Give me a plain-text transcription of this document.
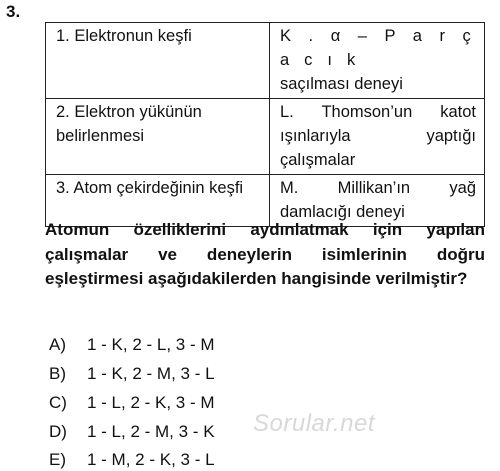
3.
1. Elektronun keşfi	K . α – P a r ç a c ı k
saçılması deneyi
2. Elektron yükünün belirlenmesi	L. Thomson’un katot ışınlarıyla yaptığı çalışmalar
3. Atom çekirdeğinin keşfi	M. Millikan’ın yağ damlacığı deneyi
Atomun özelliklerini aydınlatmak için yapılan çalışmalar ve deneylerin isimlerinin doğru eşleştirmesi aşağıdakilerden hangisinde verilmiştir?
A) 1 - K, 2 - L, 3 - M
B) 1 - K, 2 - M, 3 - L
C) 1 - L, 2 - K, 3 - M
D) 1 - L, 2 - M, 3 - K
E) 1 - M, 2 - K, 3 - L
Sorular.net
